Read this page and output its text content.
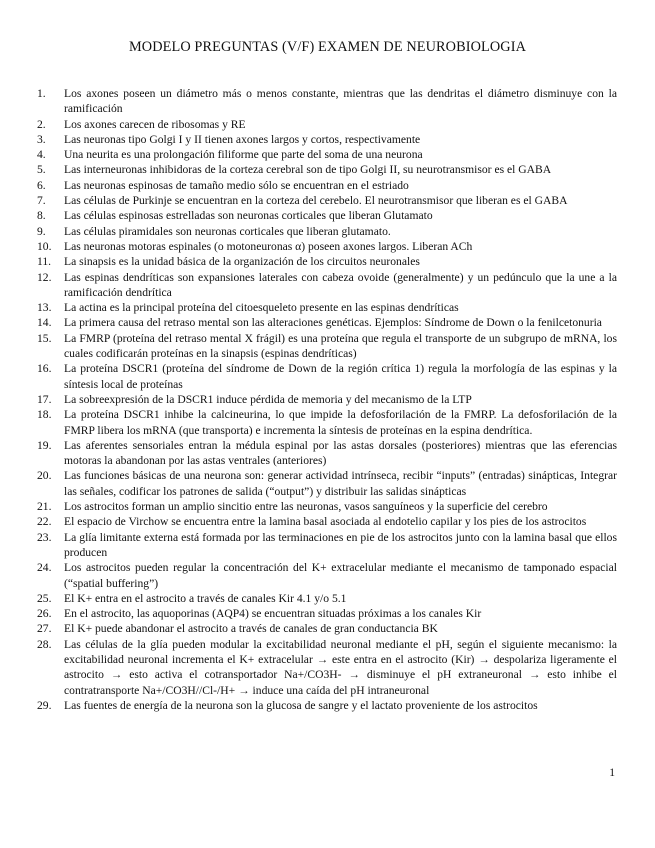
MODELO PREGUNTAS (V/F) EXAMEN DE NEUROBIOLOGIA
1. Los axones poseen un diámetro más o menos constante, mientras que las dendritas el diámetro disminuye con la ramificación
2. Los axones carecen de ribosomas y RE
3. Las neuronas tipo Golgi I y II tienen axones largos y cortos, respectivamente
4. Una neurita es una prolongación filiforme que parte del soma de una neurona
5. Las interneuronas inhibidoras de la corteza cerebral son de tipo Golgi II, su neurotransmisor es el GABA
6. Las neuronas espinosas de tamaño medio sólo se encuentran en el estriado
7. Las células de Purkinje se encuentran en la corteza del cerebelo. El neurotransmisor que liberan es el GABA
8. Las células espinosas estrelladas son neuronas corticales que liberan Glutamato
9. Las células piramidales son neuronas corticales que liberan glutamato.
10. Las neuronas motoras espinales (o motoneuronas α) poseen axones largos. Liberan ACh
11. La sinapsis es la unidad básica de la organización de los circuitos neuronales
12. Las espinas dendríticas son expansiones laterales con cabeza ovoide (generalmente) y un pedúnculo que la une a la ramificación dendrítica
13. La actina es la principal proteína del citoesqueleto presente en las espinas dendríticas
14. La primera causa del retraso mental son las alteraciones genéticas. Ejemplos: Síndrome de Down o la fenilcetonuria
15. La FMRP (proteína del retraso mental X frágil) es una proteína que regula el transporte de un subgrupo de mRNA, los cuales codificarán proteínas en la sinapsis (espinas dendríticas)
16. La proteína DSCR1 (proteína del síndrome de Down de la región crítica 1) regula la morfología de las espinas y la síntesis local de proteínas
17. La sobreexpresión de la DSCR1 induce pérdida de memoria y del mecanismo de la LTP
18. La proteína DSCR1 inhibe la calcineurina, lo que impide la defosforilación de la FMRP. La defosforilación de la FMRP libera los mRNA (que transporta) e incrementa la síntesis de proteínas en la espina dendrítica.
19. Las aferentes sensoriales entran la médula espinal por las astas dorsales (posteriores) mientras que las eferencias motoras la abandonan por las astas ventrales (anteriores)
20. Las funciones básicas de una neurona son: generar actividad intrínseca, recibir “inputs” (entradas) sinápticas, Integrar las señales, codificar los patrones de salida (“output”) y distribuir las salidas sinápticas
21. Los astrocitos forman un amplio sincitio entre las neuronas, vasos sanguíneos y la superficie del cerebro
22. El espacio de Virchow se encuentra entre la lamina basal asociada al endotelio capilar y los pies de los astrocitos
23. La glía limitante externa está formada por las terminaciones en pie de los astrocitos junto con la lamina basal que ellos producen
24. Los astrocitos pueden regular la concentración del K+ extracelular mediante el mecanismo de tamponado espacial (“spatial buffering”)
25. El K+ entra en el astrocito a través de canales Kir 4.1 y/o 5.1
26. En el astrocito, las aquoporinas (AQP4) se encuentran situadas próximas a los canales Kir
27. El K+ puede abandonar el astrocito a través de canales de gran conductancia BK
28. Las células de la glía pueden modular la excitabilidad neuronal mediante el pH, según el siguiente mecanismo: la excitabilidad neuronal incrementa el K+ extracelular → este entra en el astrocito (Kir) → despolariza ligeramente el astrocito → esto activa el cotransportador Na+/CO3H- → disminuye el pH extraneuronal → esto inhibe el contratransporte Na+/CO3H//Cl-/H+ → induce una caída del pH intraneuronal
29. Las fuentes de energía de la neurona son la glucosa de sangre y el lactato proveniente de los astrocitos
1
